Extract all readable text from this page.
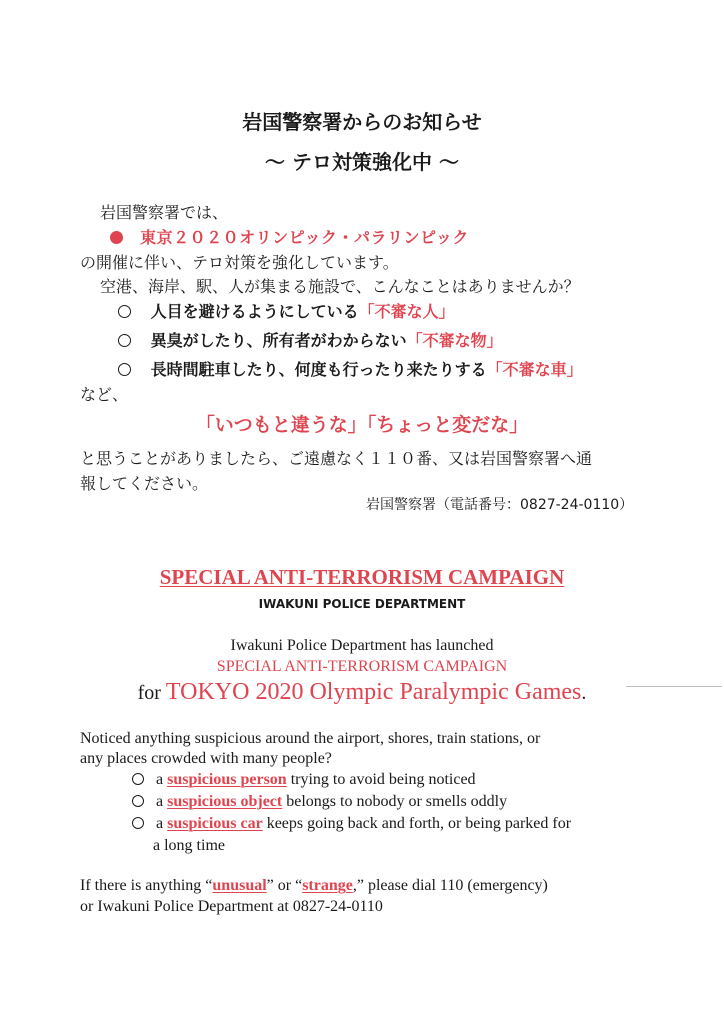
岩国警察署からのお知らせ
～ テロ対策強化中 ～
岩国警察署では、
東京２０２０オリンピック・パラリンピック
の開催に伴い、テロ対策を強化しています。
空港、海岸、駅、人が集まる施設で、こんなことはありませんか？
人目を避けるようにしている「不審な人」
異臭がしたり、所有者がわからない「不審な物」
長時間駐車したり、何度も行ったり来たりする「不審な車」
など、
「いつもと違うな」「ちょっと変だな」
と思うことがありましたら、ご遠慮なく１１０番、又は岩国警察署へ通
報してください。
岩国警察署（電話番号：0827-24-0110）
SPECIAL ANTI-TERRORISM CAMPAIGN
IWAKUNI POLICE DEPARTMENT
Iwakuni Police Department has launched
SPECIAL ANTI-TERRORISM CAMPAIGN
for TOKYO 2020 Olympic Paralympic Games.
Noticed anything suspicious around the airport, shores, train stations, or
any places crowded with many people?
a suspicious person trying to avoid being noticed
a suspicious object belongs to nobody or smells oddly
a suspicious car keeps going back and forth, or being parked for
a long time
If there is anything “unusual” or “strange,” please dial 110 (emergency)
or Iwakuni Police Department at 0827-24-0110
